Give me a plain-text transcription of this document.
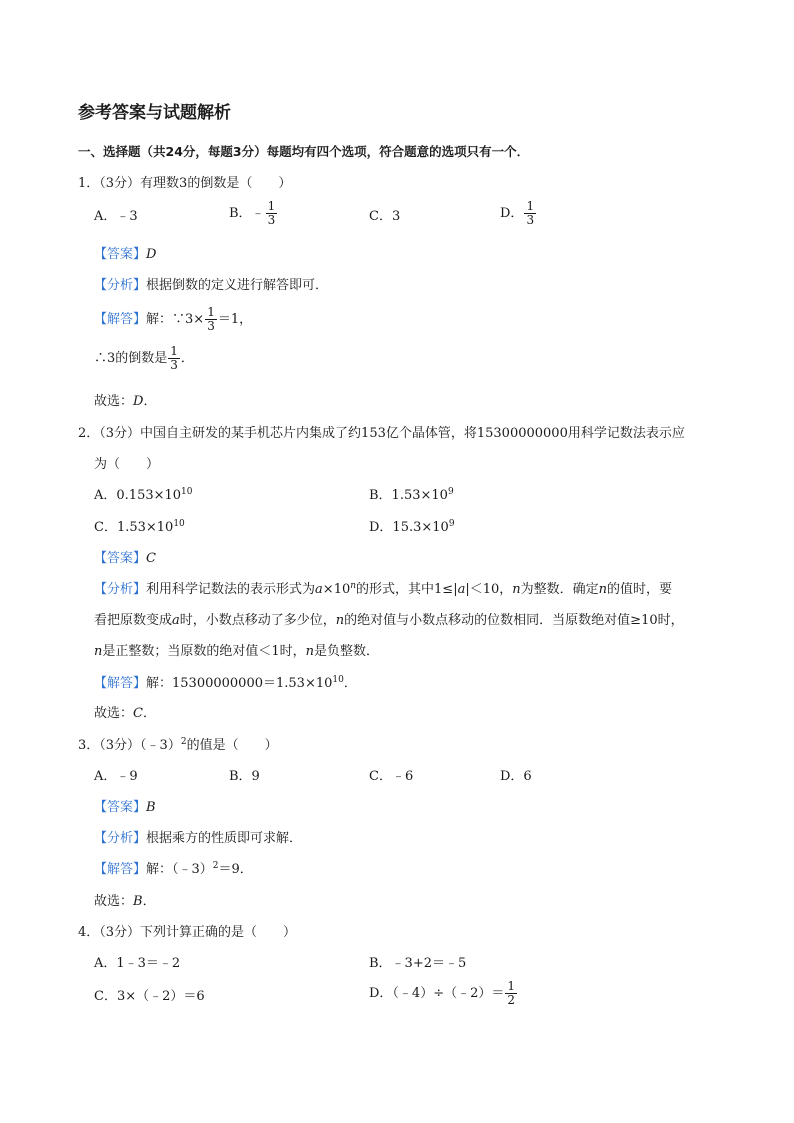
参考答案与试题解析
一、选择题（共24分，每题3分）每题均有四个选项，符合题意的选项只有一个．
1．（3分）有理数3的倒数是（　　）
A．﹣3	B．﹣ $\frac{1}{3}$	C．3	D． $\frac{1}{3}$
【答案】D
【分析】根据倒数的定义进行解答即可．
【解答】解：∵3× $\frac{1}{3} =1$，
∴3的倒数是 $\frac{1}{3}$ ．
故选：D．
2．（3分）中国自主研发的某手机芯片内集成了约153亿个晶体管，将15300000000用科学记数法表示应
为（　　）
A．$0.153\times 10^{10}$	B．$1.53\times 10^9$
C．$1.53\times 10^{10}$	D．$15.3\times 10^9$
【答案】C
【分析】利用科学记数法的表示形式为$a\times 10^n$的形式，其中1≤|a|＜10，n为整数．确定n的值时，要
看把原数变成a时，小数点移动了多少位，n的绝对值与小数点移动的位数相同．当原数绝对值≥10时，
n是正整数；当原数的绝对值＜1时，n是负整数．
【解答】解：$15300000000=1.53\times 10^{10}$．
故选：C．
3．（3分）（﹣3）$^2$的值是（　　）
A．﹣9	B．9	C．﹣6	D．6
【答案】B
【分析】根据乘方的性质即可求解．
【解答】解：（﹣3）$^2$＝9．
故选：B．
4．（3分）下列计算正确的是（　　）
A．1﹣3＝﹣2	B．﹣3+2＝﹣5
C．3×（﹣2）＝6	D．（﹣4）÷（﹣2）＝ $\frac{1}{2}$
